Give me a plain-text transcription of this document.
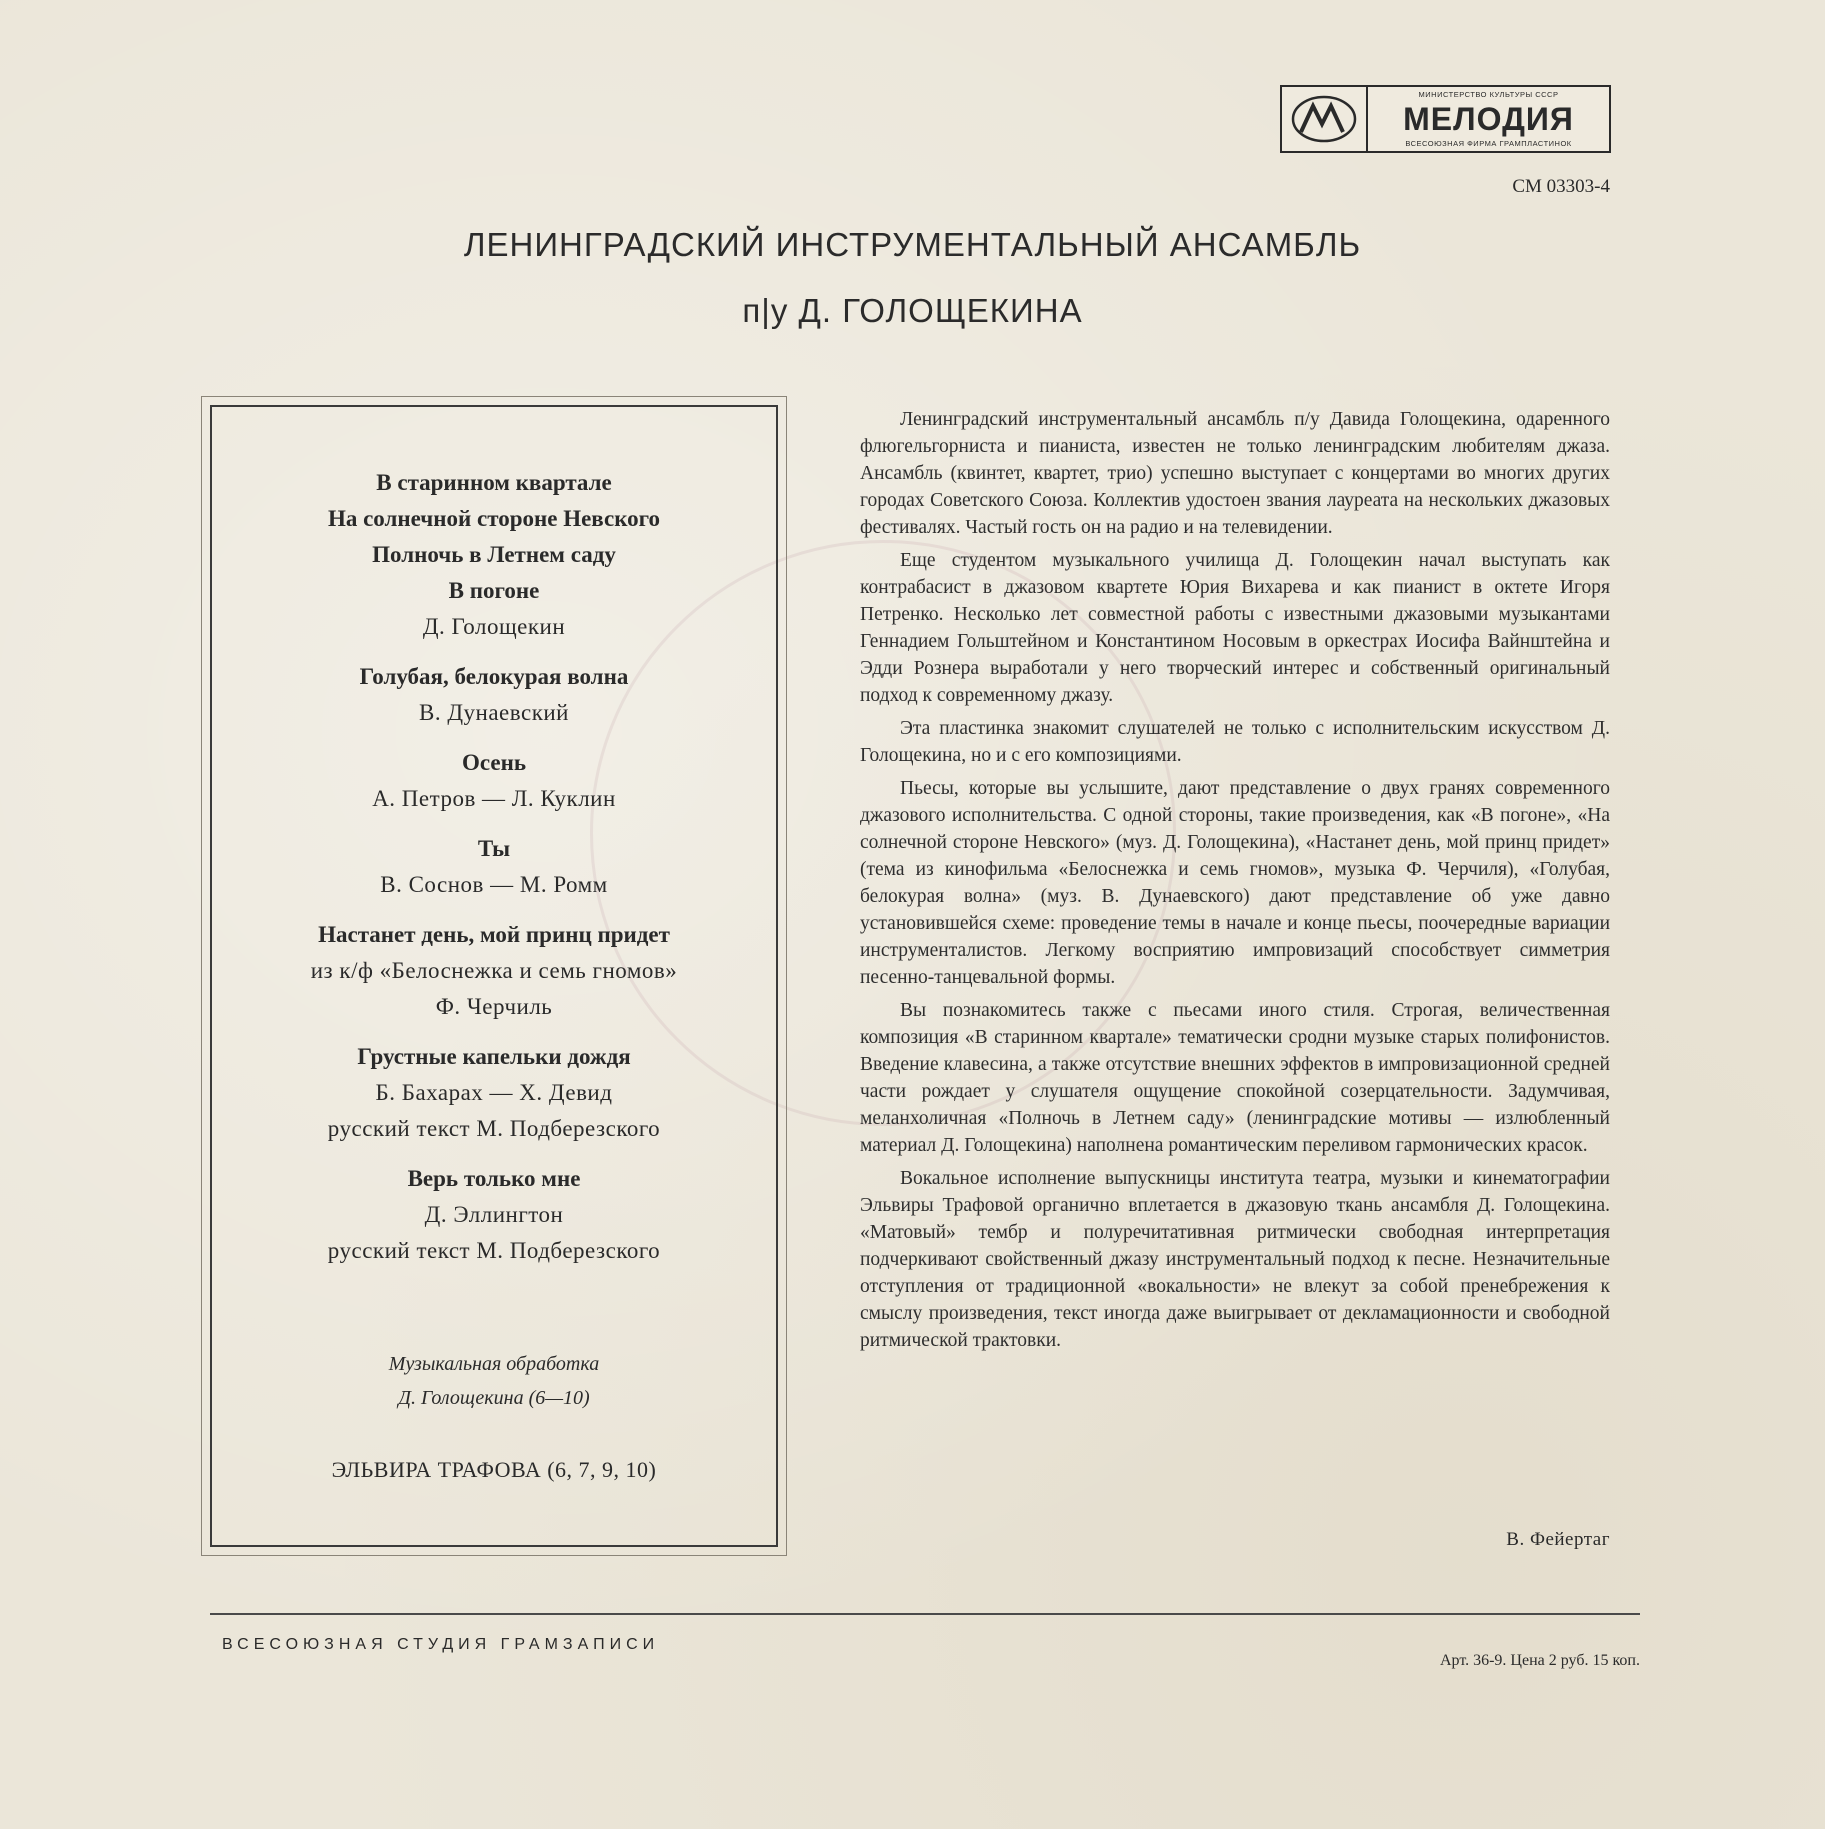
МИНИСТЕРСТВО КУЛЬТУРЫ СССР
МЕЛОДИЯ
ВСЕСОЮЗНАЯ ФИРМА ГРАМПЛАСТИНОК
СМ 03303-4
ЛЕНИНГРАДСКИЙ ИНСТРУМЕНТАЛЬНЫЙ АНСАМБЛЬ
п|у Д. ГОЛОЩЕКИНА
В старинном квартале
На солнечной стороне Невского
Полночь в Летнем саду
В погоне
Д. Голощекин
Голубая, белокурая волна
В. Дунаевский
Осень
А. Петров — Л. Куклин
Ты
В. Соснов — М. Ромм
Настанет день, мой принц придет
из к/ф «Белоснежка и семь гномов»
Ф. Черчиль
Грустные капельки дождя
Б. Бахарах — Х. Девид
русский текст М. Подберезского
Верь только мне
Д. Эллингтон
русский текст М. Подберезского
Музыкальная обработка
Д. Голощекина (6—10)
ЭЛЬВИРА ТРАФОВА (6, 7, 9, 10)

Ленинградский инструментальный ансамбль п/у Давида Голощекина, одаренного флюгельгорниста и пианиста, известен не только ленинградским любителям джаза. Ансамбль (квинтет, квартет, трио) успешно выступает с концертами во многих других городах Советского Союза. Коллектив удостоен звания лауреата на нескольких джазовых фестивалях. Частый гость он на радио и на телевидении.

Еще студентом музыкального училища Д. Голощекин начал выступать как контрабасист в джазовом квартете Юрия Вихарева и как пианист в октете Игоря Петренко. Несколько лет совместной работы с известными джазовыми музыкантами Геннадием Гольштейном и Константином Носовым в оркестрах Иосифа Вайнштейна и Эдди Рознера выработали у него творческий интерес и собственный оригинальный подход к современному джазу.

Эта пластинка знакомит слушателей не только с исполнительским искусством Д. Голощекина, но и с его композициями.

Пьесы, которые вы услышите, дают представление о двух гранях современного джазового исполнительства. С одной стороны, такие произведения, как «В погоне», «На солнечной стороне Невского» (муз. Д. Голощекина), «Настанет день, мой принц придет» (тема из кинофильма «Белоснежка и семь гномов», музыка Ф. Черчиля), «Голубая, белокурая волна» (муз. В. Дунаевского) дают представление об уже давно установившейся схеме: проведение темы в начале и конце пьесы, поочередные вариации инструменталистов. Легкому восприятию импровизаций способствует симметрия песенно-танцевальной формы.

Вы познакомитесь также с пьесами иного стиля. Строгая, величественная композиция «В старинном квартале» тематически сродни музыке старых полифонистов. Введение клавесина, а также отсутствие внешних эффектов в импровизационной средней части рождает у слушателя ощущение спокойной созерцательности. Задумчивая, меланхоличная «Полночь в Летнем саду» (ленинградские мотивы — излюбленный материал Д. Голощекина) наполнена романтическим переливом гармонических красок.

Вокальное исполнение выпускницы института театра, музыки и кинематографии Эльвиры Трафовой органично вплетается в джазовую ткань ансамбля Д. Голощекина. «Матовый» тембр и полуречитативная ритмически свободная интерпретация подчеркивают свойственный джазу инструментальный подход к песне. Незначительные отступления от традиционной «вокальности» не влекут за собой пренебрежения к смыслу произведения, текст иногда даже выигрывает от декламационности и свободной ритмической трактовки.

В. Фейертаг
ВСЕСОЮЗНАЯ СТУДИЯ ГРАМЗАПИСИ
Арт. 36-9. Цена 2 руб. 15 коп.
